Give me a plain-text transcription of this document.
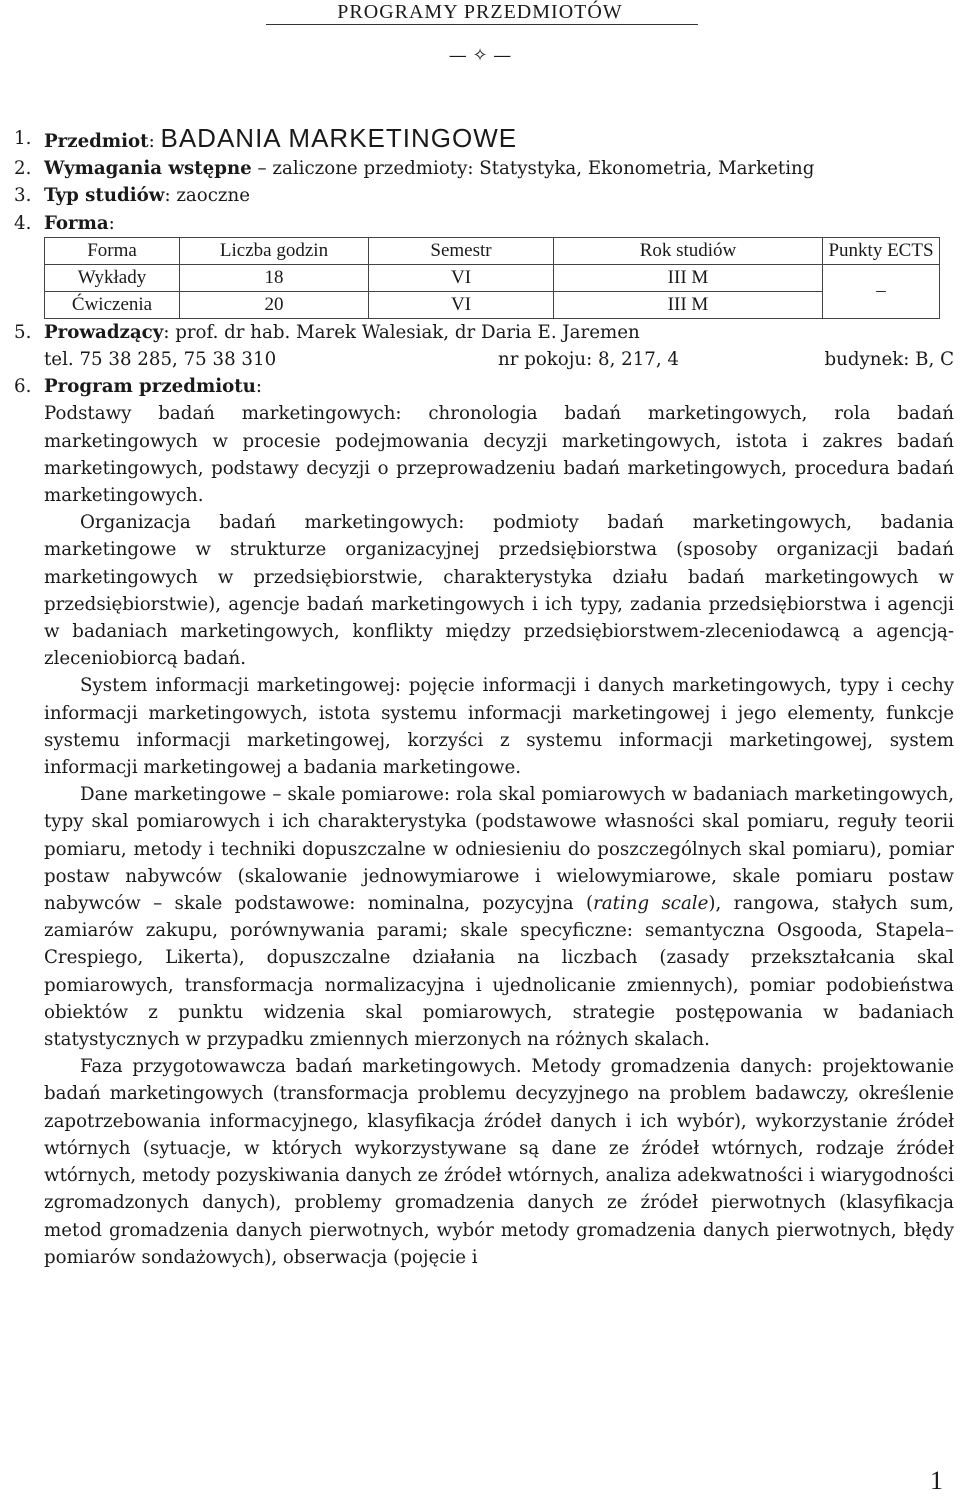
PROGRAMY PRZEDMIOTÓW
— ✧ —
1. Przedmiot: BADANIA MARKETINGOWE
2. Wymagania wstępne – zaliczone przedmioty: Statystyka, Ekonometria, Marketing
3. Typ studiów: zaoczne
4. Forma:
Forma	Liczba godzin	Semestr	Rok studiów	Punkty ECTS
Wykłady	18	VI	III M	–
Ćwiczenia	20	VI	III M	
5. Prowadzący: prof. dr hab. Marek Walesiak, dr Daria E. Jaremen
tel. 75 38 285, 75 38 310	nr pokoju: 8, 217, 4	budynek: B, C
6. Program przedmiotu:

Podstawy badań marketingowych: chronologia badań marketingowych, rola badań marketingowych w procesie podejmowania decyzji marketingowych, istota i zakres badań marketingowych, podstawy decyzji o przeprowadzeniu badań marketingowych, procedura badań marketingowych.

Organizacja badań marketingowych: podmioty badań marketingowych, badania marketingowe w strukturze organizacyjnej przedsiębiorstwa (sposoby organizacji badań marketingowych w przedsiębiorstwie, charakterystyka działu badań marketingowych w przedsiębiorstwie), agencje badań marketingowych i ich typy, zadania przedsiębiorstwa i agencji w badaniach marketingowych, konflikty między przedsiębiorstwem-zleceniodawcą a agencją-zleceniobiorcą badań.

System informacji marketingowej: pojęcie informacji i danych marketingowych, typy i cechy informacji marketingowych, istota systemu informacji marketingowej i jego elementy, funkcje systemu informacji marketingowej, korzyści z systemu informacji marketingowej, system informacji marketingowej a badania marketingowe.

Dane marketingowe – skale pomiarowe: rola skal pomiarowych w badaniach marketingowych, typy skal pomiarowych i ich charakterystyka (podstawowe własności skal pomiaru, reguły teorii pomiaru, metody i techniki dopuszczalne w odniesieniu do poszczególnych skal pomiaru), pomiar postaw nabywców (skalowanie jednowymiarowe i wielowymiarowe, skale pomiaru postaw nabywców – skale podstawowe: nominalna, pozycyjna (rating scale), rangowa, stałych sum, zamiarów zakupu, porównywania parami; skale specyficzne: semantyczna Osgooda, Stapela–Crespiego, Likerta), dopuszczalne działania na liczbach (zasady przekształcania skal pomiarowych, transformacja normalizacyjna i ujednolicanie zmiennych), pomiar podobieństwa obiektów z punktu widzenia skal pomiarowych, strategie postępowania w badaniach statystycznych w przypadku zmiennych mierzonych na różnych skalach.

Faza przygotowawcza badań marketingowych. Metody gromadzenia danych: projektowanie badań marketingowych (transformacja problemu decyzyjnego na problem badawczy, określenie zapotrzebowania informacyjnego, klasyfikacja źródeł danych i ich wybór), wykorzystanie źródeł wtórnych (sytuacje, w których wykorzystywane są dane ze źródeł wtórnych, rodzaje źródeł wtórnych, metody pozyskiwania danych ze źródeł wtórnych, analiza adekwatności i wiarygodności zgromadzonych danych), problemy gromadzenia danych ze źródeł pierwotnych (klasyfikacja metod gromadzenia danych pierwotnych, wybór metody gromadzenia danych pierwotnych, błędy pomiarów sondażowych), obserwacja (pojęcie i

1
